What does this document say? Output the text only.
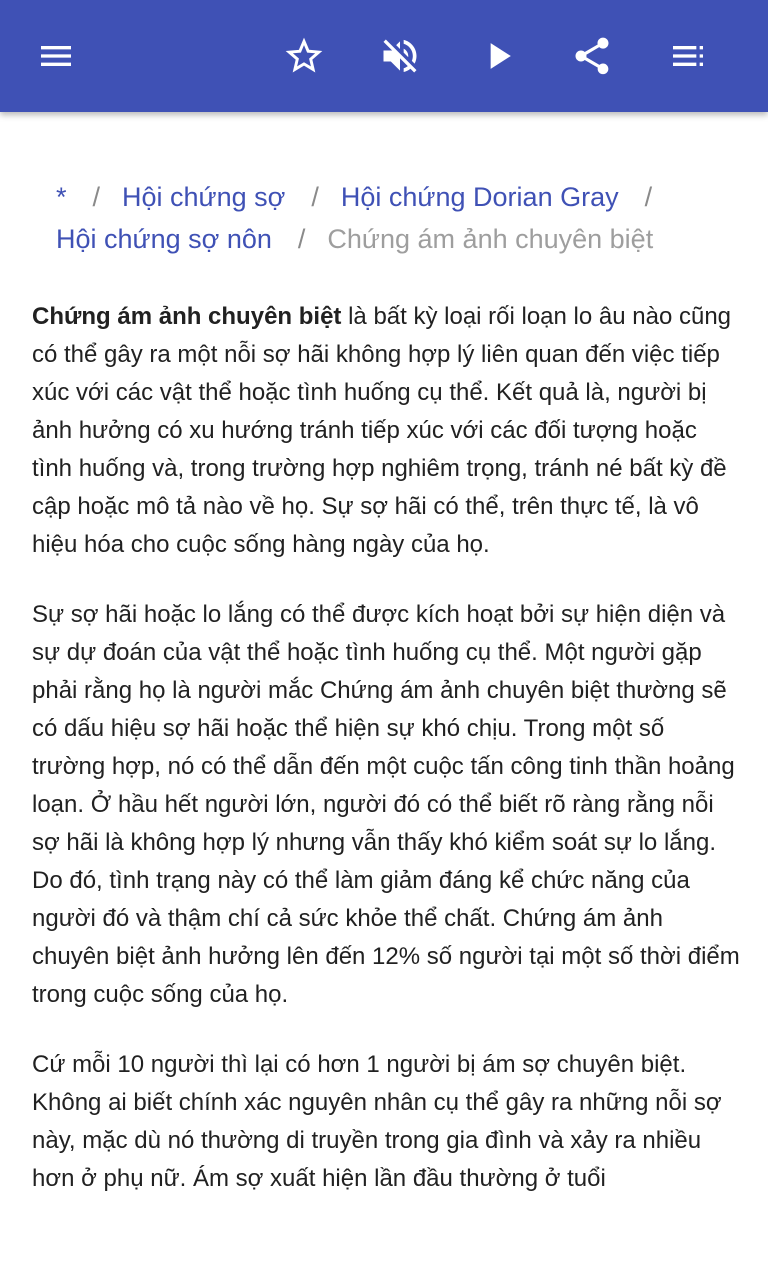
* / Hội chứng sợ / Hội chứng Dorian Gray /
Hội chứng sợ nôn / Chứng ám ảnh chuyên biệt

Chứng ám ảnh chuyên biệt là bất kỳ loại rối loạn lo âu nào cũng có thể gây ra một nỗi sợ hãi không hợp lý liên quan đến việc tiếp xúc với các vật thể hoặc tình huống cụ thể. Kết quả là, người bị ảnh hưởng có xu hướng tránh tiếp xúc với các đối tượng hoặc tình huống và, trong trường hợp nghiêm trọng, tránh né bất kỳ đề cập hoặc mô tả nào về họ. Sự sợ hãi có thể, trên thực tế, là vô hiệu hóa cho cuộc sống hàng ngày của họ.

Sự sợ hãi hoặc lo lắng có thể được kích hoạt bởi sự hiện diện và sự dự đoán của vật thể hoặc tình huống cụ thể. Một người gặp phải rằng họ là người mắc Chứng ám ảnh chuyên biệt thường sẽ có dấu hiệu sợ hãi hoặc thể hiện sự khó chịu. Trong một số trường hợp, nó có thể dẫn đến một cuộc tấn công tinh thần hoảng loạn. Ở hầu hết người lớn, người đó có thể biết rõ ràng rằng nỗi sợ hãi là không hợp lý nhưng vẫn thấy khó kiểm soát sự lo lắng. Do đó, tình trạng này có thể làm giảm đáng kể chức năng của người đó và thậm chí cả sức khỏe thể chất. Chứng ám ảnh chuyên biệt ảnh hưởng lên đến 12% số người tại một số thời điểm trong cuộc sống của họ.

Cứ mỗi 10 người thì lại có hơn 1 người bị ám sợ chuyên biệt. Không ai biết chính xác nguyên nhân cụ thể gây ra những nỗi sợ này, mặc dù nó thường di truyền trong gia đình và xảy ra nhiều hơn ở phụ nữ. Ám sợ xuất hiện lần đầu thường ở tuổi
